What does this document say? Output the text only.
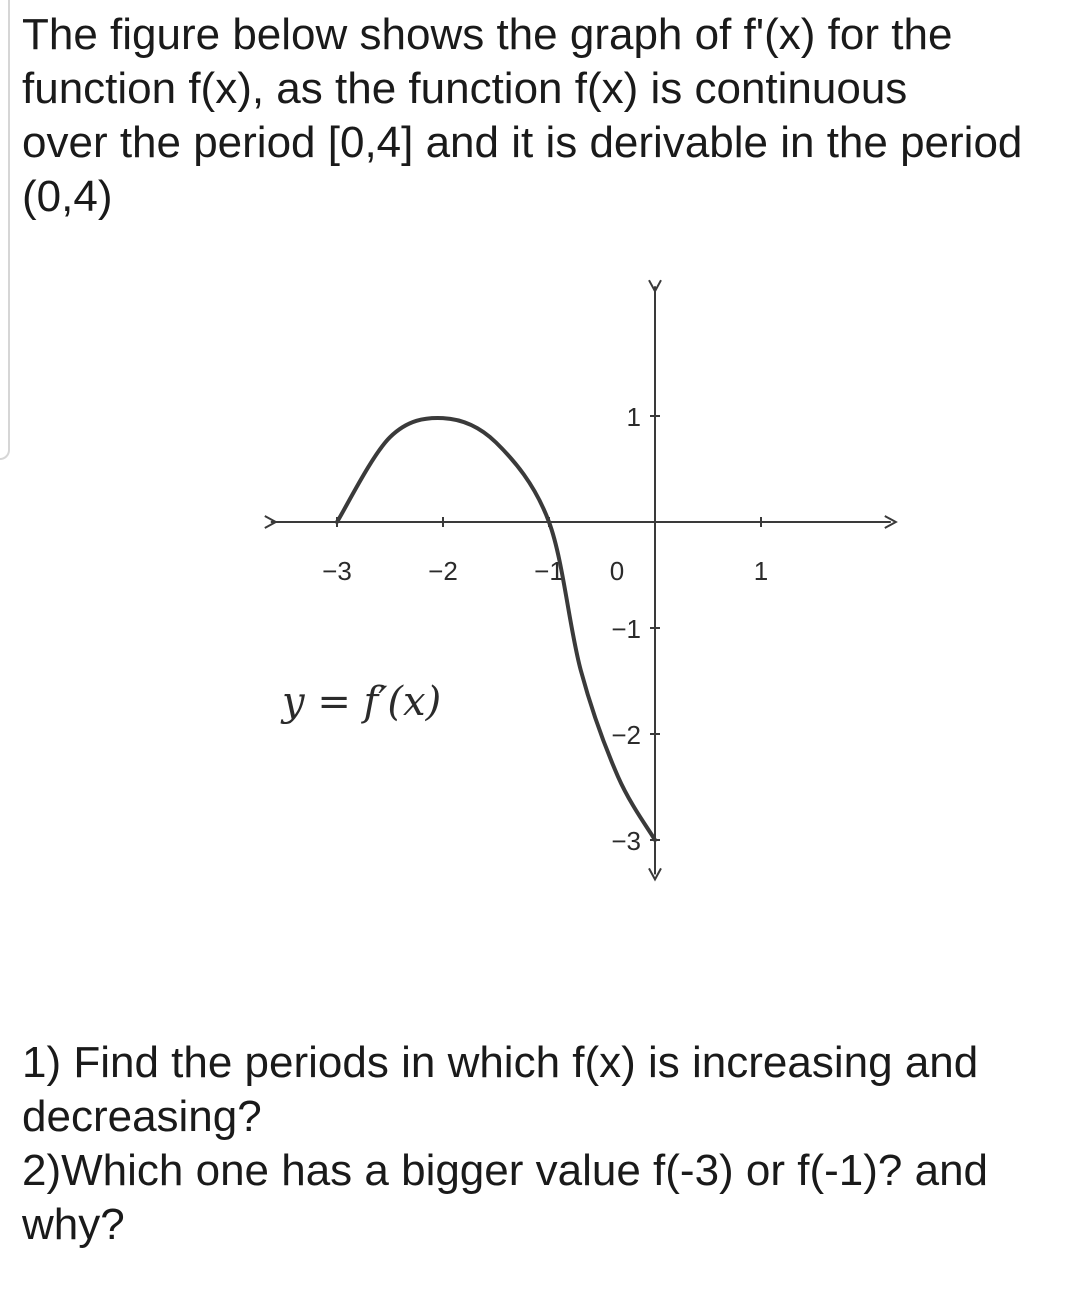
The figure below shows the graph of f'(x) for the
function f(x), as the function f(x) is continuous
over the period [0,4] and it is derivable in the period
(0,4)

−3	−2	−1 0	1
1
−1
−2
−3
y = f′(x)

1) Find the periods in which f(x) is increasing and
decreasing?

2)Which one has a bigger value f(-3) or f(-1)? and
why?
